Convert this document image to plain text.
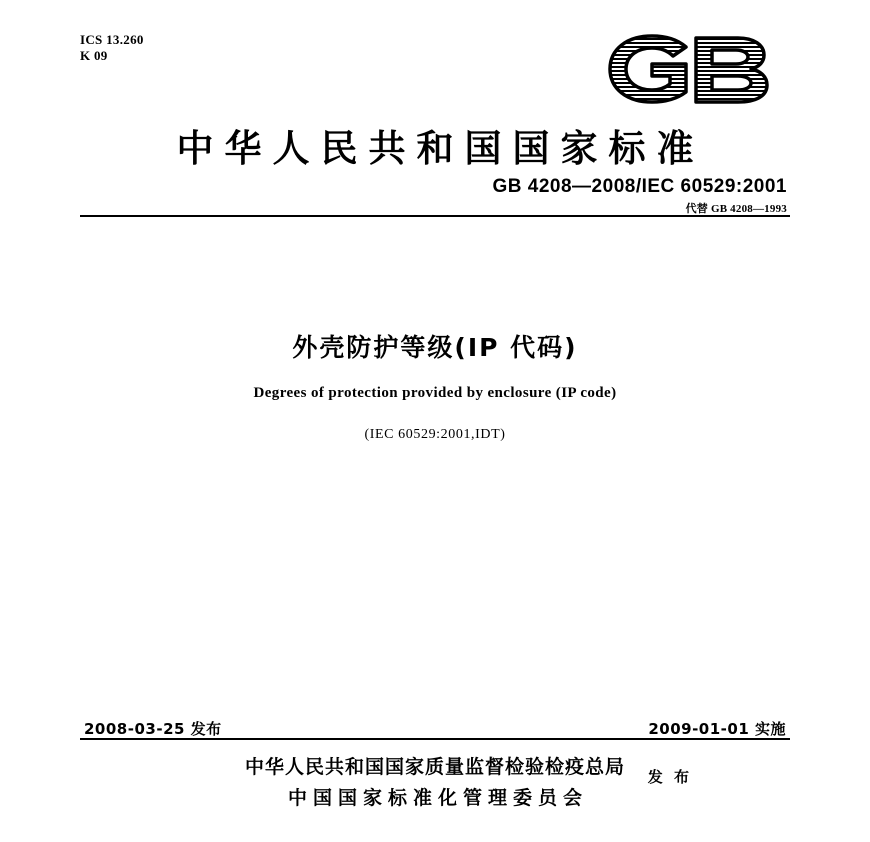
ICS 13.260
K 09
中华人民共和国国家标准
GB 4208—2008/IEC 60529:2001
代替 GB 4208—1993
外壳防护等级(IP 代码)
Degrees of protection provided by enclosure (IP code)
(IEC 60529:2001,IDT)
2008-03-25 发布	2009-01-01 实施
中华人民共和国国家质量监督检验检疫总局
中国国家标准化管理委员会
发 布
